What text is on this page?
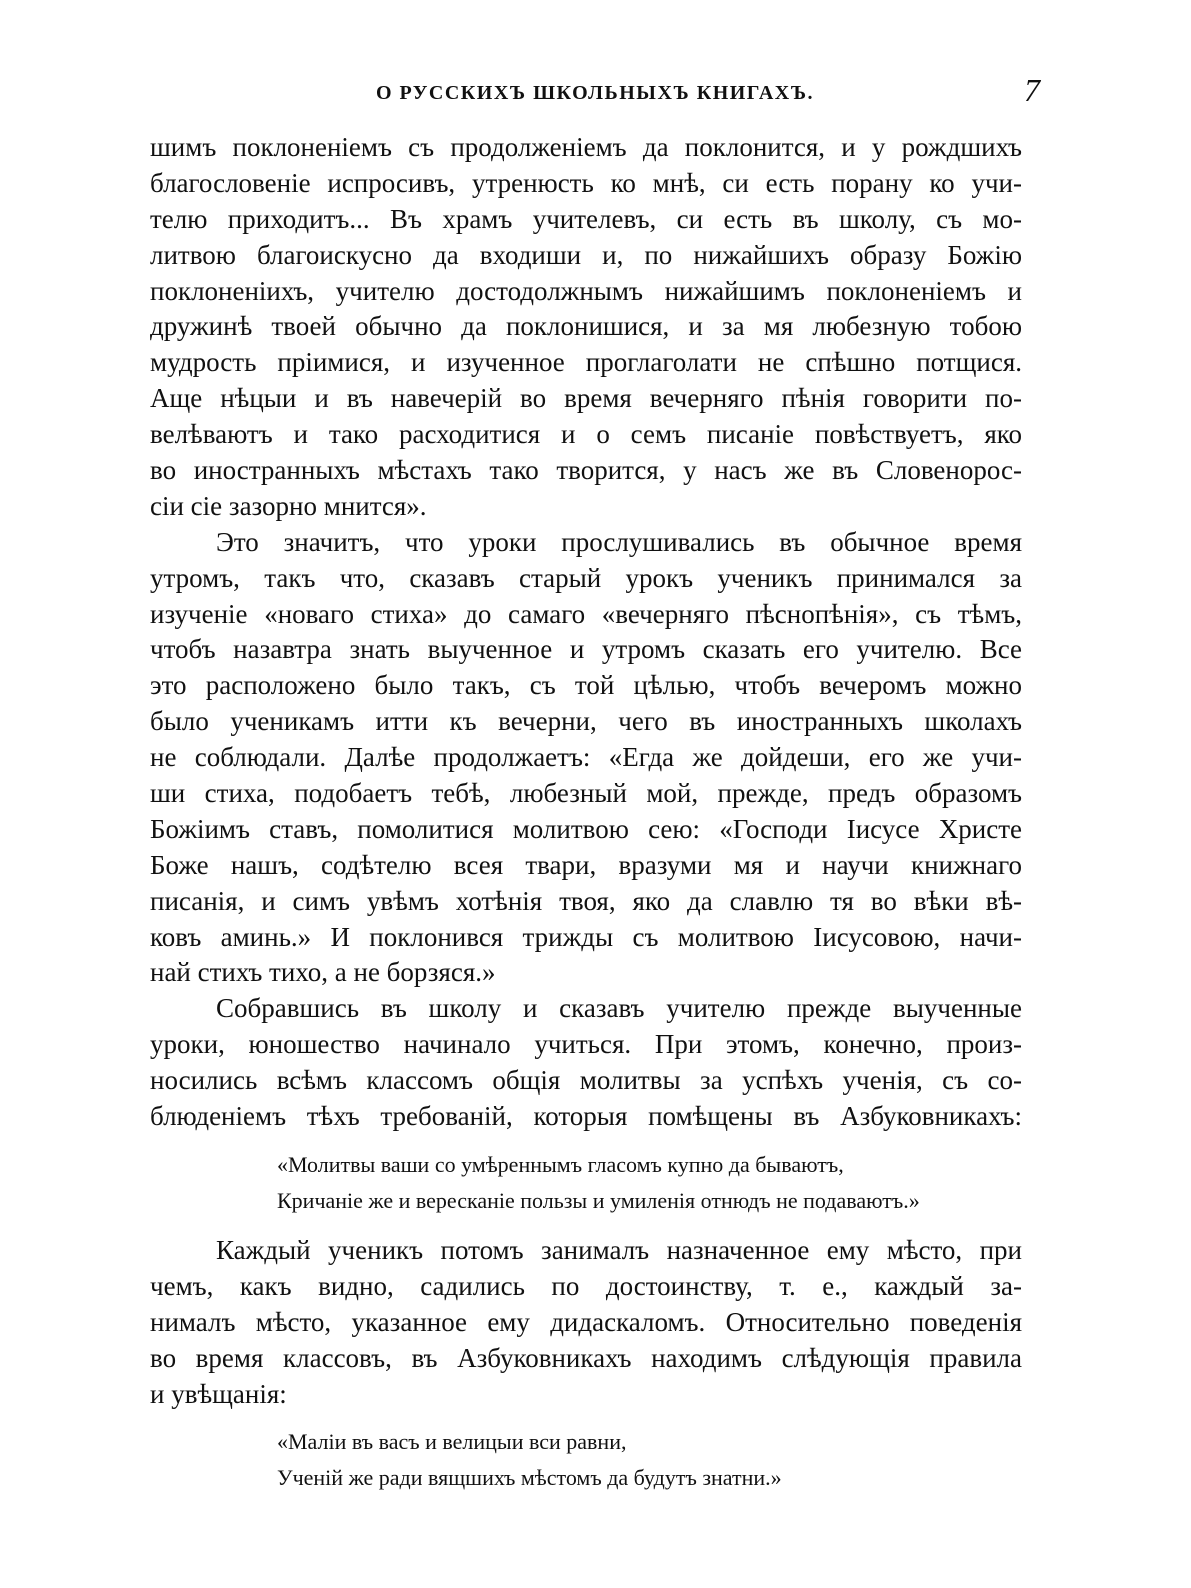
О РУССКИХЪ ШКОЛЬНЫХЪ КНИГАХЪ.	7
шимъ поклоненіемъ съ продолженіемъ да поклонится, и у рождшихъ
благословеніе испросивъ, утренюсть ко мнѣ, си есть порану ко учи-
телю приходитъ... Въ храмъ учителевъ, си есть въ школу, съ мо-
литвою благоискусно да входиши и, по нижайшихъ образу Божію
поклоненіихъ, учителю достодолжнымъ нижайшимъ поклоненіемъ и
дружинѣ твоей обычно да поклонишися, и за мя любезную тобою
мудрость пріимися, и изученное проглаголати не спѣшно потщися.
Аще нѣцыи и въ навечерій во время вечерняго пѣнія говорити по-
велѣваютъ и тако расходитися и о семъ писаніе повѣствуетъ, яко
во иностранныхъ мѣстахъ тако творится, у насъ же въ Словенорос-
сіи сіе зазорно мнится».
Это значитъ, что уроки прослушивались въ обычное время
утромъ, такъ что, сказавъ старый урокъ ученикъ принимался за
изученіе «новаго стиха» до самаго «вечерняго пѣснопѣнія», съ тѣмъ,
чтобъ назавтра знать выученное и утромъ сказать его учителю. Все
это расположено было такъ, съ той цѣлью, чтобъ вечеромъ можно
было ученикамъ итти къ вечерни, чего въ иностранныхъ школахъ
не соблюдали. Далѣе продолжаетъ: «Егда же дойдеши, его же учи-
ши стиха, подобаетъ тебѣ, любезный мой, прежде, предъ образомъ
Божіимъ ставъ, помолитися молитвою сею: «Господи Іисусе Христе
Боже нашъ, содѣтелю всея твари, вразуми мя и научи книжнаго
писанія, и симъ увѣмъ хотѣнія твоя, яко да славлю тя во вѣки вѣ-
ковъ аминь.» И поклонився трижды съ молитвою Іисусовою, начи-
най стихъ тихо, а не борзяся.»
Собравшись въ школу и сказавъ учителю прежде выученные
уроки, юношество начинало учиться. При этомъ, конечно, произ-
носились всѣмъ классомъ общія молитвы за успѣхъ ученія, съ со-
блюденіемъ тѣхъ требованій, которыя помѣщены въ Азбуковникахъ:
«Молитвы ваши со умѣреннымъ гласомъ купно да бываютъ,
Кричаніе же и вересканіе пользы и умиленія отнюдъ не подаваютъ.»
Каждый ученикъ потомъ занималъ назначенное ему мѣсто, при
чемъ, какъ видно, садились по достоинству, т. е., каждый за-
нималъ мѣсто, указанное ему дидаскаломъ. Относительно поведенія
во время классовъ, въ Азбуковникахъ находимъ слѣдующія правила
и увѣщанія:
«Малiи въ васъ и велицыи вси равни,
Ученій же ради вящшихъ мѣстомъ да будутъ знатни.»
